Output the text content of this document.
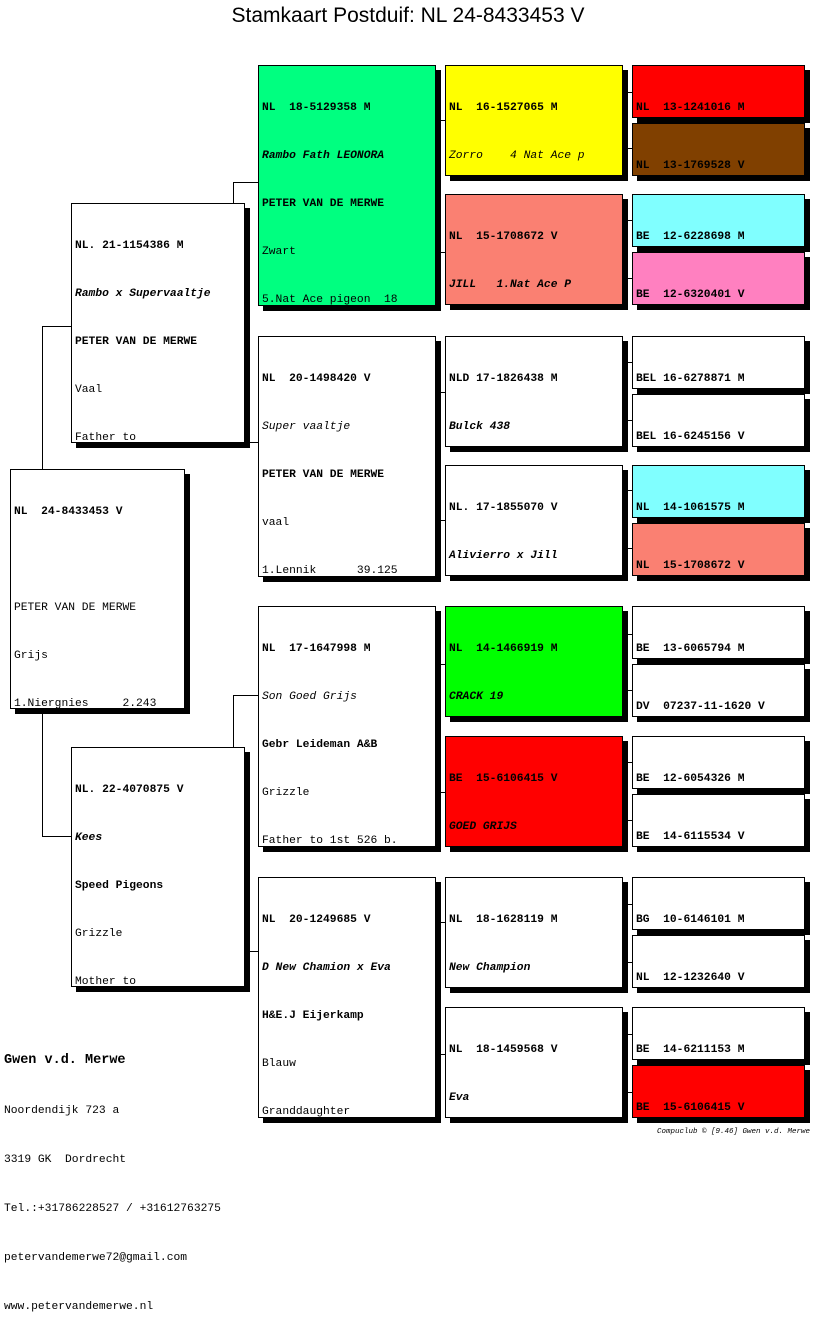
Stamkaart Postduif: NL 24-8433453 V

NL  24-8433453 V

PETER VAN DE MERWE

Grijs

1.Niergnies     2.243

NL. 21-1154386 M

Rambo x Supervaaltje

PETER VAN DE MERWE

Vaal

Father to

NL. 22-4070875 V

Kees

Speed Pigeons

Grizzle

Mother to

NL  18-5129358 M

Rambo Fath LEONORA

PETER VAN DE MERWE

Zwart

5.Nat Ace pigeon  18

NL  20-1498420 V

Super vaaltje

PETER VAN DE MERWE

vaal

1.Lennik      39.125

NL  17-1647998 M

Son Goed Grijs

Gebr Leideman A&B

Grizzle

Father to 1st 526 b.

NL  20-1249685 V

D New Chamion x Eva

H&E.J Eijerkamp

Blauw

Granddaughter

NL  16-1527065 M

Zorro    4 Nat Ace p

NL  15-1708672 V

JILL   1.Nat Ace P

NLD 17-1826438 M

Bulck 438

NL. 17-1855070 V

Alivierro x Jill

NL  14-1466919 M

CRACK 19

BE  15-6106415 V

GOED GRIJS

NL  18-1628119 M

New Champion

NL  18-1459568 V

Eva

NL  13-1241016 M

NL  13-1769528 V

BE  12-6228698 M

BE  12-6320401 V

BEL 16-6278871 M

BEL 16-6245156 V

NL  14-1061575 M

NL  15-1708672 V

BE  13-6065794 M

DV  07237-11-1620 V

BE  12-6054326 M

BE  14-6115534 V

BG  10-6146101 M

NL  12-1232640 V

BE  14-6211153 M

BE  15-6106415 V

Gwen v.d. Merwe

Noordendijk 723 a

3319 GK  Dordrecht

Tel.:+31786228527 / +31612763275

petervandemerwe72@gmail.com

www.petervandemerwe.nl

Compuclub © [9.46] Gwen v.d. Merwe
